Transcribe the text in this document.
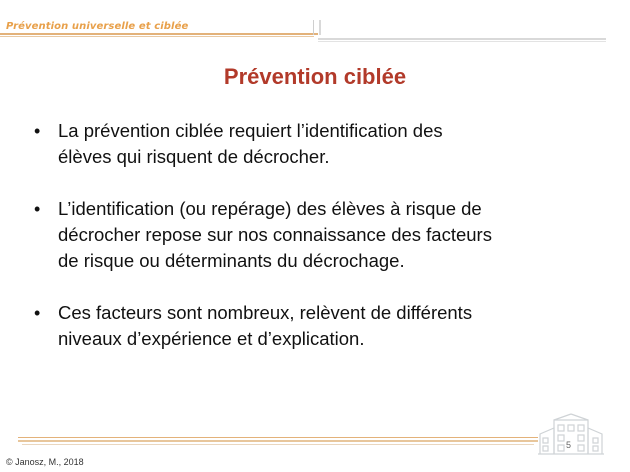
Prévention universelle et ciblée
Prévention ciblée
• La prévention ciblée requiert l’identification des
élèves qui risquent de décrocher.
• L’identification (ou repérage) des élèves à risque de
décrocher repose sur nos connaissance des facteurs
de risque ou déterminants du décrochage.
• Ces facteurs sont nombreux, relèvent de différents
niveaux d’expérience et d’explication.
5
© Janosz, M., 2018
